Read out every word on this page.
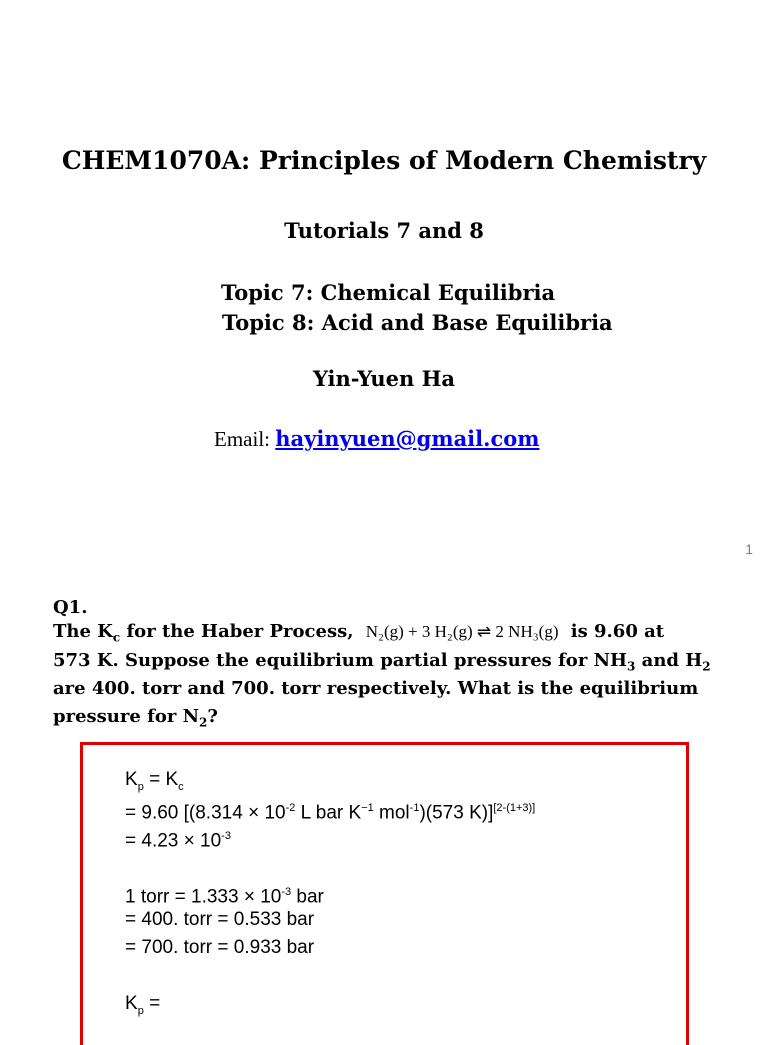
CHEM1070A: Principles of Modern Chemistry
Tutorials 7 and 8
Topic 7: Chemical Equilibria
Topic 8: Acid and Base Equilibria
Yin-Yuen Ha
Email: hayinyuen@gmail.com
1
Q1.
The $K_c$ for the Haber Process, N₂(g) + 3 H₂(g) ⇌ 2 NH₃(g) is 9.60 at
573 K. Suppose the equilibrium partial pressures for $NH_3$ and $H_2$
are 400. torr and 700. torr respectively. What is the equilibrium
pressure for $N_2$?
$K_p = K_c$
= 9.60 [($8.314 \times 10^{-2}$ L bar $K^{-1}$ mol$^{-1}$)(573 K)][2-(1+3)]
= $4.23 \times 10^{-3}$
1 torr = $1.333 \times 10^{-3}$ bar
= 400. torr = 0.533 bar
= 700. torr = 0.933 bar
$K_p$ =
